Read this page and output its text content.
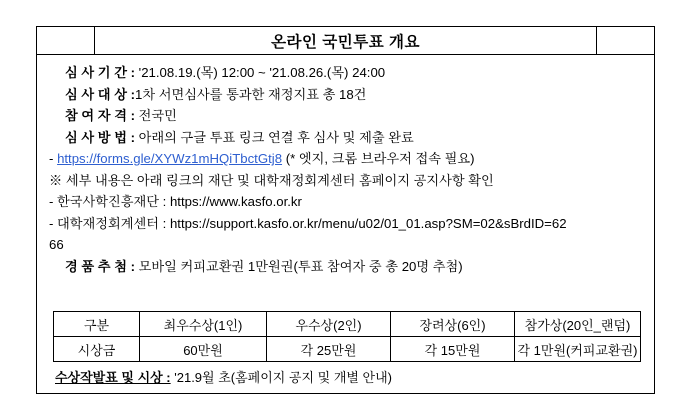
온라인 국민투표 개요
심 사 기 간 : '21.08.19.(목) 12:00 ~ '21.08.26.(목) 24:00
심 사 대 상 :1차 서면심사를 통과한 재정지표 총 18건
참 여 자 격 : 전국민
심 사 방 법 : 아래의 구글 투표 링크 연결 후 심사 및 제출 완료
- https://forms.gle/XYWz1mHQiTbctGtj8 (* 엣지, 크롬 브라우저 접속 필요)
※ 세부 내용은 아래 링크의 재단 및 대학재정회계센터 홈페이지 공지사항 확인
- 한국사학진흥재단 : https://www.kasfo.or.kr
- 대학재정회계센터 : https://support.kasfo.or.kr/menu/u02/01_01.asp?SM=02&sBrdID=62
66
경 품 추 첨 : 모바일 커피교환권 1만원권(투표 참여자 중 총 20명 추첨)
구분	최우수상(1인)	우수상(2인)	장려상(6인)	참가상(20인_랜덤)
시상금	60만원	각 25만원	각 15만원	각 1만원(커피교환권)
수상작발표 및 시상 : '21.9월 초(홈페이지 공지 및 개별 안내)
